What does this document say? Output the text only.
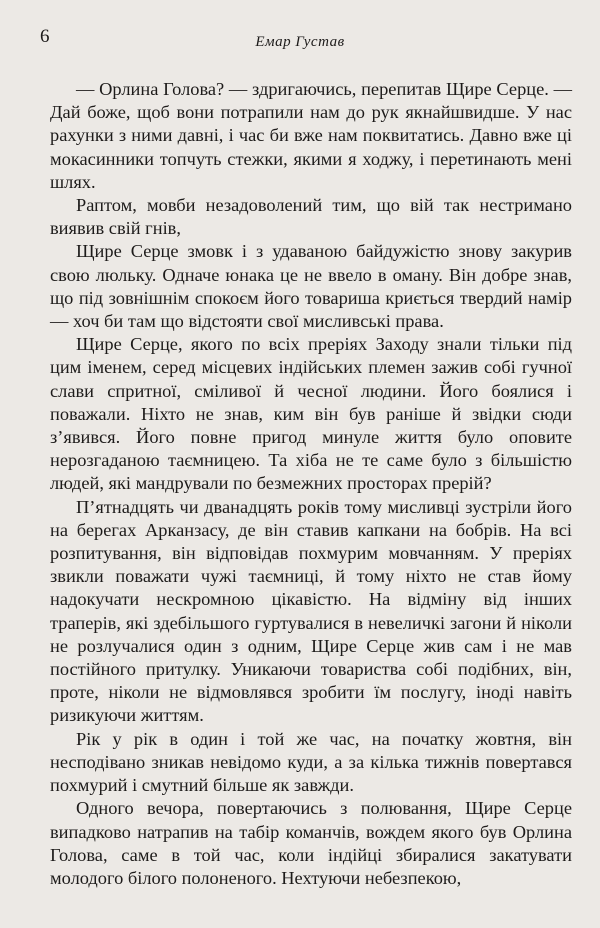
6	Емар Густав

— Орлина Голова? — здригаючись, перепитав Щире Серце. — Дай боже, щоб вони потрапили нам до рук якнайшвидше. У нас рахунки з ними давні, і час би вже нам поквитатись. Давно вже ці мокасинники топчуть стежки, якими я ходжу, і перетинають мені шлях.

Раптом, мовби незадоволений тим, що вій так нестримано виявив свій гнів,

Щире Серце змовк і з удаваною байдужістю знову закурив свою люльку. Одначе юнака це не ввело в оману. Він добре знав, що під зовнішнім спокоєм його товариша криється твердий намір — хоч би там що відстояти свої мисливські права.

Щире Серце, якого по всіх преріях Заходу знали тільки під цим іменем, серед місцевих індійських племен зажив собі гучної слави спритної, сміливої й чесної людини. Його боялися і поважали. Ніхто не знав, ким він був раніше й звідки сюди з’явився. Його повне пригод минуле життя було оповите нерозгаданою таємницею. Та хіба не те саме було з більшістю людей, які мандрували по безмежних просторах прерій?

П’ятнадцять чи дванадцять років тому мисливці зустріли його на берегах Арканзасу, де він ставив капкани на бобрів. На всі розпитування, він відповідав похмурим мовчанням. У преріях звикли поважати чужі таємниці, й тому ніхто не став йому надокучати нескромною цікавістю. На відміну від інших траперів, які здебільшого гуртувалися в невеличкі загони й ніколи не розлучалися один з одним, Щире Серце жив сам і не мав постійного притулку. Уникаючи товариства собі подібних, він, проте, ніколи не відмовлявся зробити їм послугу, іноді навіть ризикуючи життям.

Рік у рік в один і той же час, на початку жовтня, він несподівано зникав невідомо куди, а за кілька тижнів повертався похмурий і смутний більше як завжди.

Одного вечора, повертаючись з полювання, Щире Серце випадково натрапив на табір команчів, вождем якого був Орлина Голова, саме в той час, коли індійці збиралися закатувати молодого білого полоненого. Нехтуючи небезпекою,
